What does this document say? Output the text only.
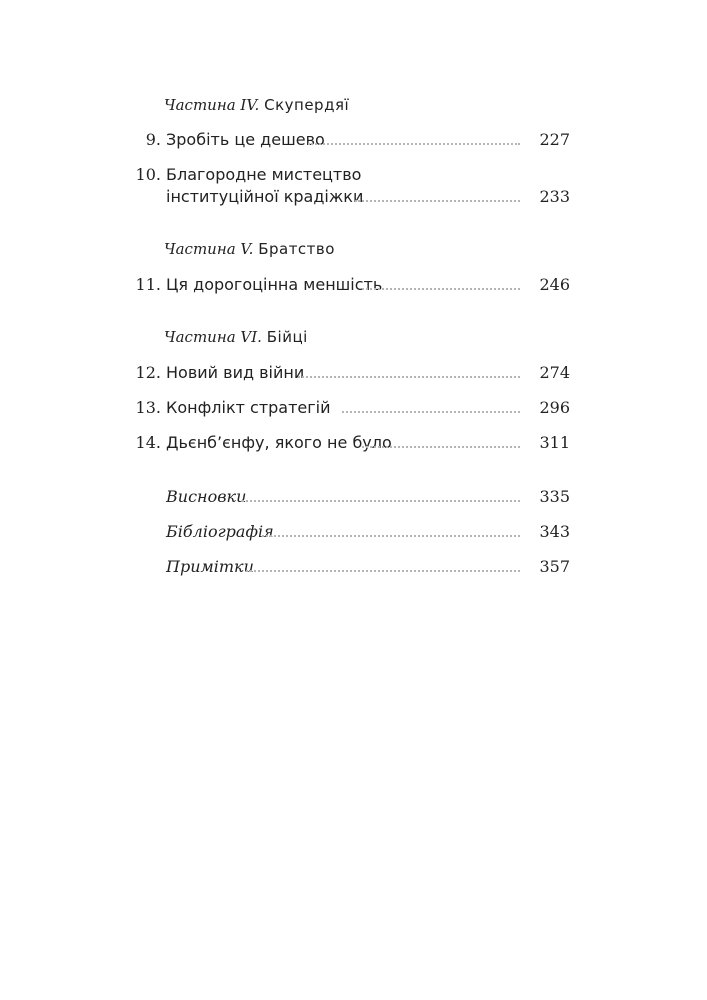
Частина IV. Скупердяї
9. Зробіть це дешево	227
10. Благородне мистецтво
інституційної крадіжки	233
Частина V. Братство
11. Ця дорогоцінна меншість	246
Частина VI. Бійці
12. Новий вид війни	274
13. Конфлікт стратегій	296
14. Дьєнб’єнфу, якого не було	311
Висновки	335
Бібліографія	343
Примітки	357
